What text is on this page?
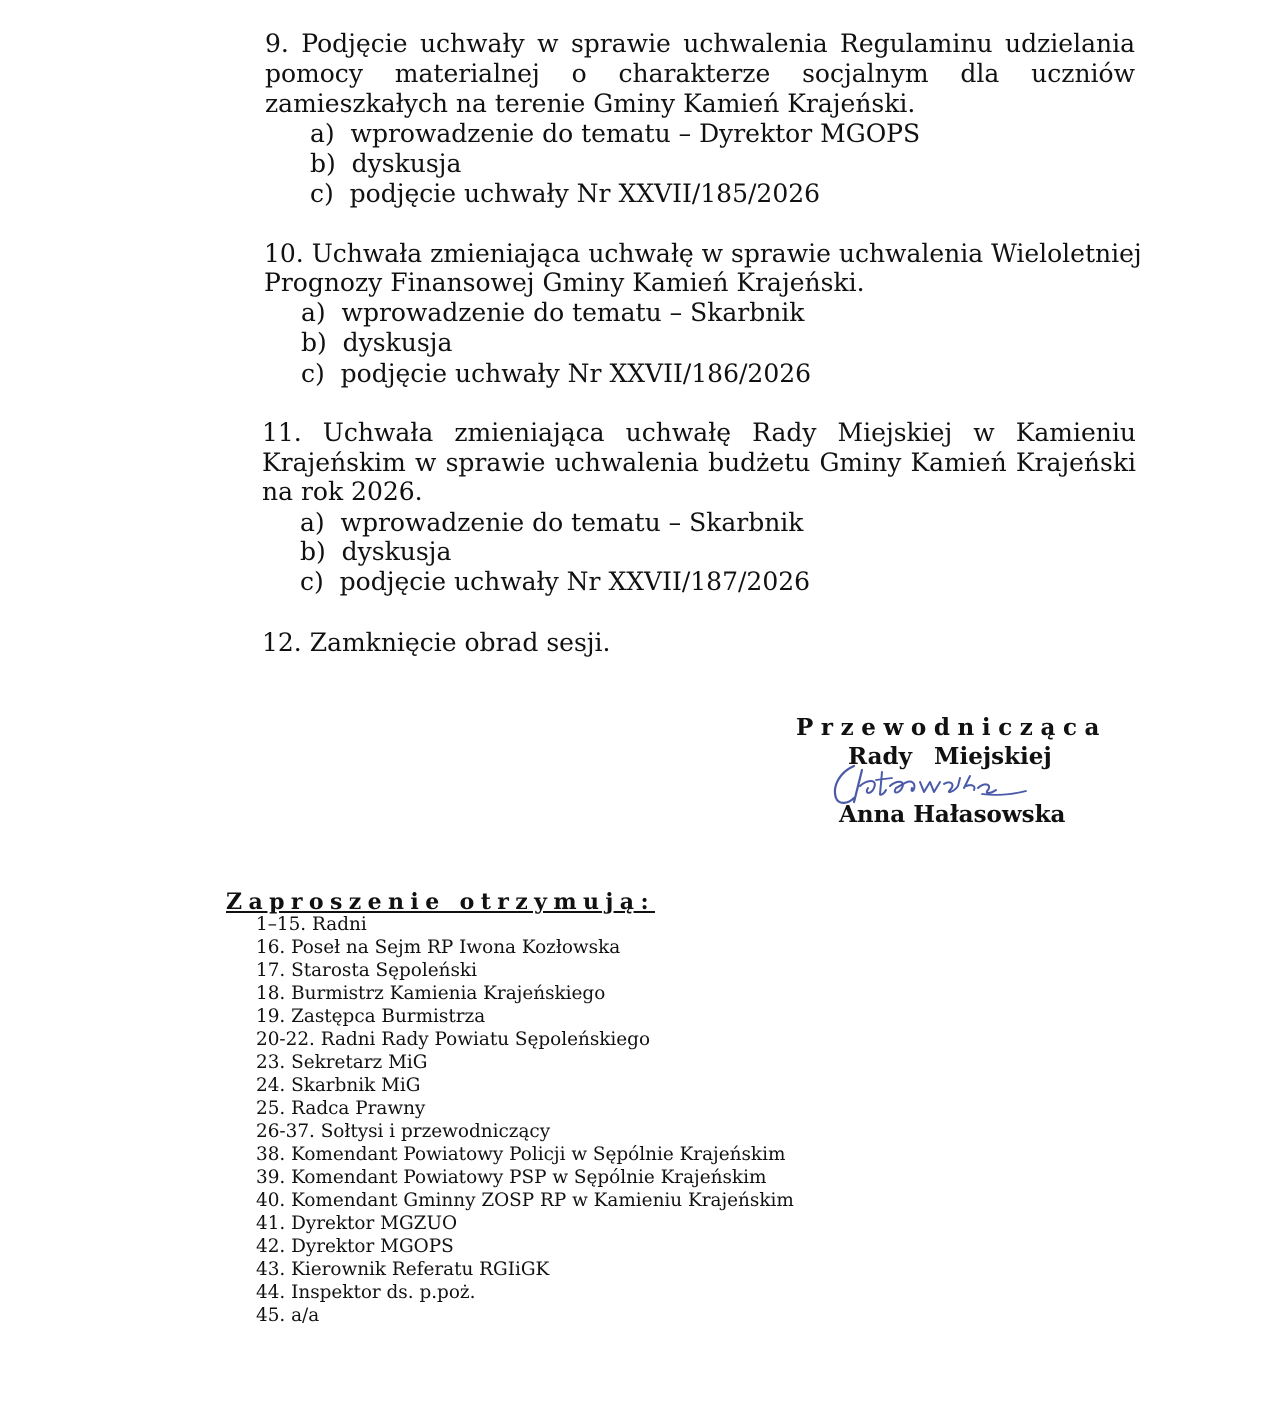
9. Podjęcie uchwały w sprawie uchwalenia Regulaminu udzielania

pomocy materialnej o charakterze socjalnym dla uczniów

zamieszkałych na terenie Gminy Kamień Krajeński.

a)  wprowadzenie do tematu – Dyrektor MGOPS

b)  dyskusja

c)  podjęcie uchwały Nr XXVII/185/2026

10. Uchwała zmieniająca uchwałę w sprawie uchwalenia Wieloletniej

Prognozy Finansowej Gminy Kamień Krajeński.

a)  wprowadzenie do tematu – Skarbnik

b)  dyskusja

c)  podjęcie uchwały Nr XXVII/186/2026

11. Uchwała zmieniająca uchwałę Rady Miejskiej w Kamieniu

Krajeńskim w sprawie uchwalenia budżetu Gminy Kamień Krajeński

na rok 2026.

a)  wprowadzenie do tematu – Skarbnik

b)  dyskusja

c)  podjęcie uchwały Nr XXVII/187/2026

12. Zamknięcie obrad sesji.

Przewodnicząca
Rady Miejskiej
Anna Hałasowska
Zaproszenie otrzymują:
1–15. Radni
16. Poseł na Sejm RP Iwona Kozłowska
17. Starosta Sępoleński
18. Burmistrz Kamienia Krajeńskiego
19. Zastępca Burmistrza
20-22. Radni Rady Powiatu Sępoleńskiego
23. Sekretarz MiG
24. Skarbnik MiG
25. Radca Prawny
26-37. Sołtysi i przewodniczący
38. Komendant Powiatowy Policji w Sępólnie Krajeńskim
39. Komendant Powiatowy PSP w Sępólnie Krajeńskim
40. Komendant Gminny ZOSP RP w Kamieniu Krajeńskim
41. Dyrektor MGZUO
42. Dyrektor MGOPS
43. Kierownik Referatu RGIiGK
44. Inspektor ds. p.poż.
45. a/a
